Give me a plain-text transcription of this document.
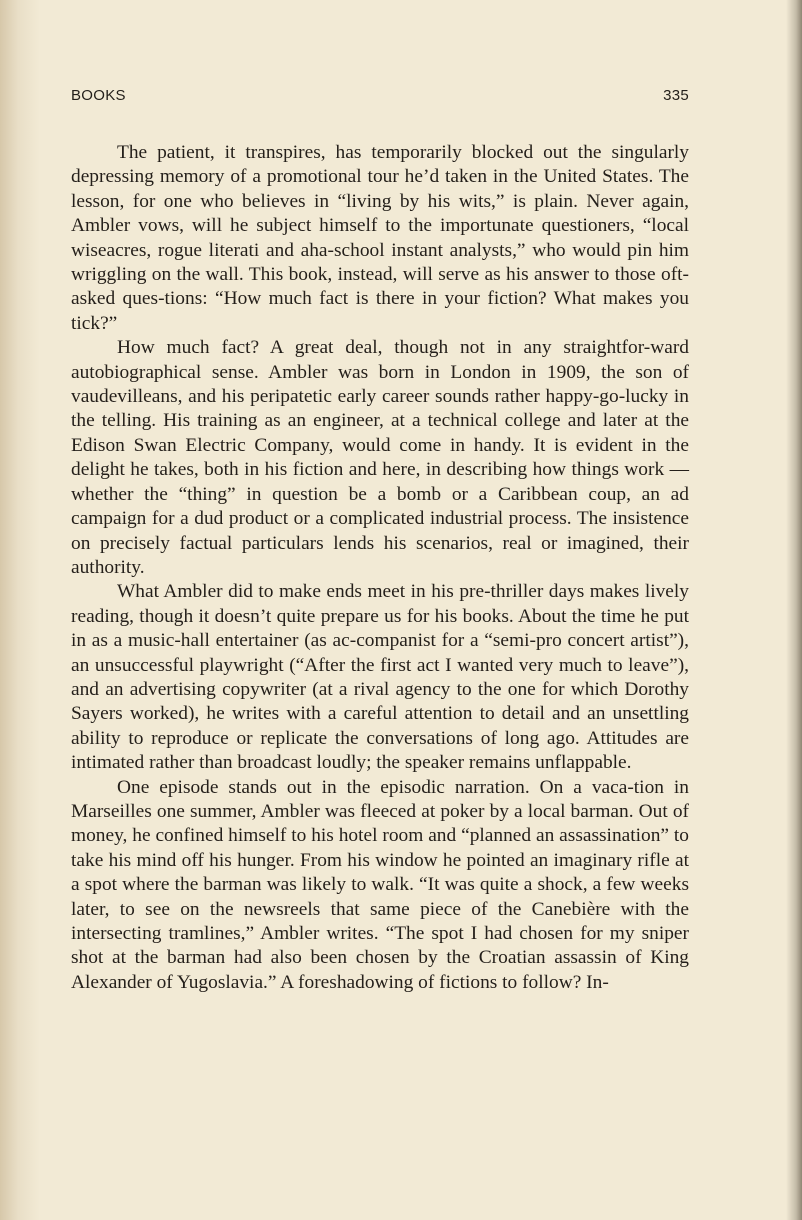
BOOKS	335

The patient, it transpires, has temporarily blocked out the singularly depressing memory of a promotional tour he’d taken in the United States. The lesson, for one who believes in “living by his wits,” is plain. Never again, Ambler vows, will he subject himself to the importunate questioners, “local wiseacres, rogue literati and aha-school instant analysts,” who would pin him wriggling on the wall. This book, instead, will serve as his answer to those oft-asked ques-tions: “How much fact is there in your fiction? What makes you tick?”

How much fact? A great deal, though not in any straightfor-ward autobiographical sense. Ambler was born in London in 1909, the son of vaudevilleans, and his peripatetic early career sounds rather happy-go-lucky in the telling. His training as an engineer, at a technical college and later at the Edison Swan Electric Company, would come in handy. It is evident in the delight he takes, both in his fiction and here, in describing how things work — whether the “thing” in question be a bomb or a Caribbean coup, an ad campaign for a dud product or a complicated industrial process. The insistence on precisely factual particulars lends his scenarios, real or imagined, their authority.

What Ambler did to make ends meet in his pre-thriller days makes lively reading, though it doesn’t quite prepare us for his books. About the time he put in as a music-hall entertainer (as ac-companist for a “semi-pro concert artist”), an unsuccessful playwright (“After the first act I wanted very much to leave”), and an advertising copywriter (at a rival agency to the one for which Dorothy Sayers worked), he writes with a careful attention to detail and an unsettling ability to reproduce or replicate the conversations of long ago. Attitudes are intimated rather than broadcast loudly; the speaker remains unflappable.

One episode stands out in the episodic narration. On a vaca-tion in Marseilles one summer, Ambler was fleeced at poker by a local barman. Out of money, he confined himself to his hotel room and “planned an assassination” to take his mind off his hunger. From his window he pointed an imaginary rifle at a spot where the barman was likely to walk. “It was quite a shock, a few weeks later, to see on the newsreels that same piece of the Canebière with the intersecting tramlines,” Ambler writes. “The spot I had chosen for my sniper shot at the barman had also been chosen by the Croatian assassin of King Alexander of Yugoslavia.” A foreshadowing of fictions to follow? In-
